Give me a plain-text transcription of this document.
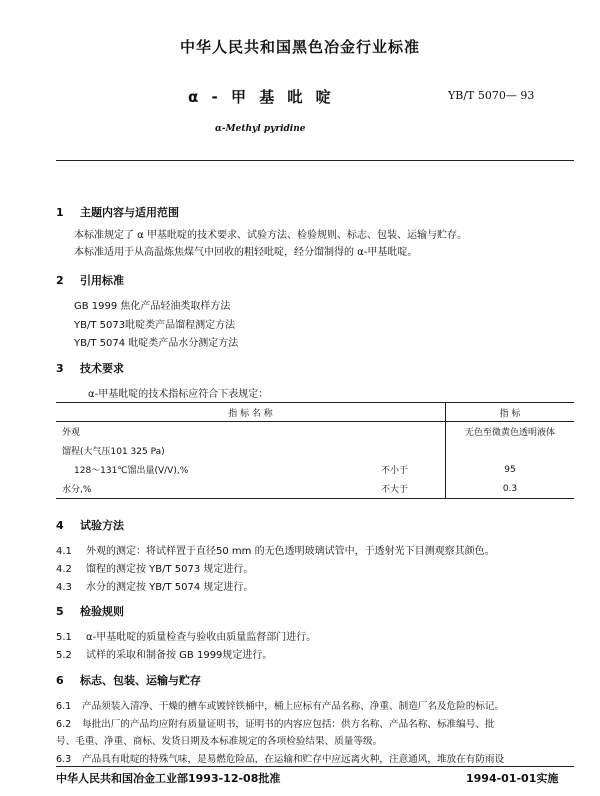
中华人民共和国黑色冶金行业标准
α - 甲 基 吡 啶	YB/T 5070— 93
α-Methyl pyridine
1 主题内容与适用范围
本标准规定了 α 甲基吡啶的技术要求、试验方法、检验规则、标志、包装、运输与贮存。
本标准适用于从高温炼焦煤气中回收的粗轻吡啶，经分馏制得的 α-甲基吡啶。
2 引用标准
GB 1999 焦化产品轻油类取样方法
YB/T 5073吡啶类产品馏程测定方法
YB/T 5074 吡啶类产品水分测定方法
3 技术要求
α-甲基吡啶的技术指标应符合下表规定：
指 标 名 称		指 标
外观		无色至微黄色透明液体
馏程(大气压101 325 Pa)		
128～131℃馏出量(V/V),%	不小于	95
水分,%	不大于	0.3
4 试验方法
4.1 外观的测定：将试样置于直径50 mm 的无色透明玻璃试管中，于透射光下目测观察其颜色。
4.2 馏程的测定按 YB/T 5073 规定进行。
4.3 水分的测定按 YB/T 5074 规定进行。
5 检验规则
5.1 α-甲基吡啶的质量检查与验收由质量监督部门进行。
5.2 试样的采取和制备按 GB 1999规定进行。
6 标志、包装、运输与贮存
6.1 产品须装入清净、干燥的槽车或镀锌铁桶中，桶上应标有产品名称、净重、制造厂名及危险的标记。
6.2 每批出厂的产品均应附有质量证明书，证明书的内容应包括：供方名称、产品名称、标准编号、批
号、毛重、净重、商标、发货日期及本标准规定的各项检验结果、质量等级。
6.3 产品具有吡啶的特殊气味，是易燃危险品，在运输和贮存中应远离火种，注意通风，堆放在有防雨设
中华人民共和国冶金工业部1993-12-08批准	1994-01-01实施
